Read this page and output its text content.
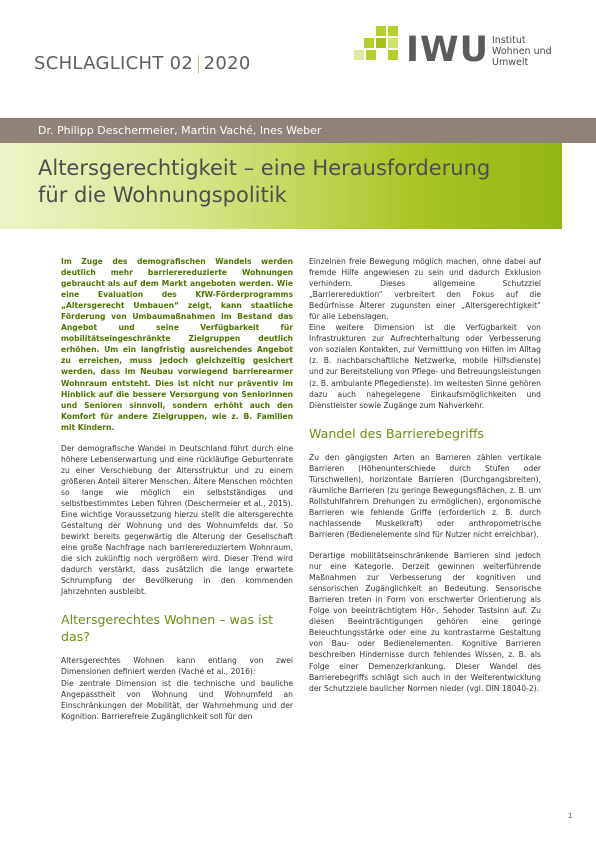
SCHLAGLICHT 02 | 2020	IWU Institut
Wohnen und
Umwelt
Dr. Philipp Deschermeier, Martin Vaché, Ines Weber
Altersgerechtigkeit – eine Herausforderung
für die Wohnungspolitik

Im Zuge des demografischen Wandels werden deutlich mehr barrierereduzierte Wohnungen gebraucht als auf dem Markt angeboten werden. Wie eine Evaluation des KfW-Förderprogramms „Altersgerecht Umbauen“ zeigt, kann staatliche Förderung von Umbaumaßnahmen im Bestand das Angebot und seine Verfügbarkeit für mobilitätseingeschränkte Zielgruppen deutlich erhöhen. Um ein langfristig ausreichendes Angebot zu erreichen, muss jedoch gleichzeitig gesichert werden, dass im Neubau vorwiegend barrierearmer Wohnraum entsteht. Dies ist nicht nur präventiv im Hinblick auf die bessere Versorgung von Seniorinnen und Senioren sinnvoll, sondern erhöht auch den Komfort für andere Zielgruppen, wie z. B. Familien mit Kindern.

Der demografische Wandel in Deutschland führt durch eine höhere Lebenserwartung und eine rückläufige Geburtenrate zu einer Verschiebung der Altersstruktur und zu einem größeren Anteil älterer Menschen. Ältere Menschen möchten so lange wie möglich ein selbstständiges und selbstbestimmtes Leben führen (Deschermeier et al., 2015). Eine wichtige Voraussetzung hierzu stellt die altersgerechte Gestaltung der Wohnung und des Wohnumfelds dar. So bewirkt bereits gegenwärtig die Alterung der Gesellschaft eine große Nachfrage nach barrierereduziertem Wohnraum, die sich zukünftig noch vergrößern wird. Dieser Trend wird dadurch verstärkt, dass zusätzlich die lange erwartete Schrumpfung der Bevölkerung in den kommenden Jahrzehnten ausbleibt.

Altersgerechtes Wohnen – was ist das?

Altersgerechtes Wohnen kann entlang von zwei Dimensionen definiert werden (Vaché et al., 2016):

Die zentrale Dimension ist die technische und bauliche Angepasstheit von Wohnung und Wohnumfeld an Einschränkungen der Mobilität, der Wahrnehmung und der Kognition. Barrierefreie Zugänglichkeit soll für den

Einzelnen freie Bewegung möglich machen, ohne dabei auf fremde Hilfe angewiesen zu sein und dadurch Exklusion verhindern. Dieses allgemeine Schutzziel „Barrierereduktion“ verbreitert den Fokus auf die Bedürfnisse Älterer zugunsten einer „Altersgerechtigkeit“ für alle Lebenslagen.

Eine weitere Dimension ist die Verfügbarkeit von Infrastrukturen zur Aufrechterhaltung oder Verbesserung von sozialen Kontakten, zur Vermittlung von Hilfen im Alltag (z. B. nachbarschaftliche Netzwerke, mobile Hilfsdienste) und zur Bereitstellung von Pflege- und Betreuungsleistungen (z. B. ambulante Pflegedienste). Im weitesten Sinne gehören dazu auch nahegelegene Einkaufsmöglichkeiten und Dienstleister sowie Zugänge zum Nahverkehr.

Wandel des Barrierebegriffs

Zu den gängigsten Arten an Barrieren zählen vertikale Barrieren (Höhenunterschiede durch Stufen oder Türschwellen), horizontale Barrieren (Durchgangsbreiten), räumliche Barrieren (zu geringe Bewegungsflächen, z. B. um Rollstuhlfahrern Drehungen zu ermöglichen), ergonomische Barrieren wie fehlende Griffe (erforderlich z. B. durch nachlassende Muskelkraft) oder anthropometrische Barrieren (Bedienelemente sind für Nutzer nicht erreichbar).

Derartige mobilitätseinschränkende Barrieren sind jedoch nur eine Kategorie. Derzeit gewinnen weiterführende Maßnahmen zur Verbesserung der kognitiven und sensorischen Zugänglichkeit an Bedeutung. Sensorische Barrieren treten in Form von erschwerter Orientierung als Folge von beeinträchtigtem Hör-, Sehoder Tastsinn auf. Zu diesen Beeinträchtigungen gehören eine geringe Beleuchtungsstärke oder eine zu kontrastarme Gestaltung von Bau- oder Bedienelementen. Kognitive Barrieren beschreiben Hindernisse durch fehlendes Wissen, z. B. als Folge einer Demenzerkrankung. Dieser Wandel des Barrierebegriffs schlägt sich auch in der Weiterentwicklung der Schutzziele baulicher Normen nieder (vgl. DIN 18040-2).

1
